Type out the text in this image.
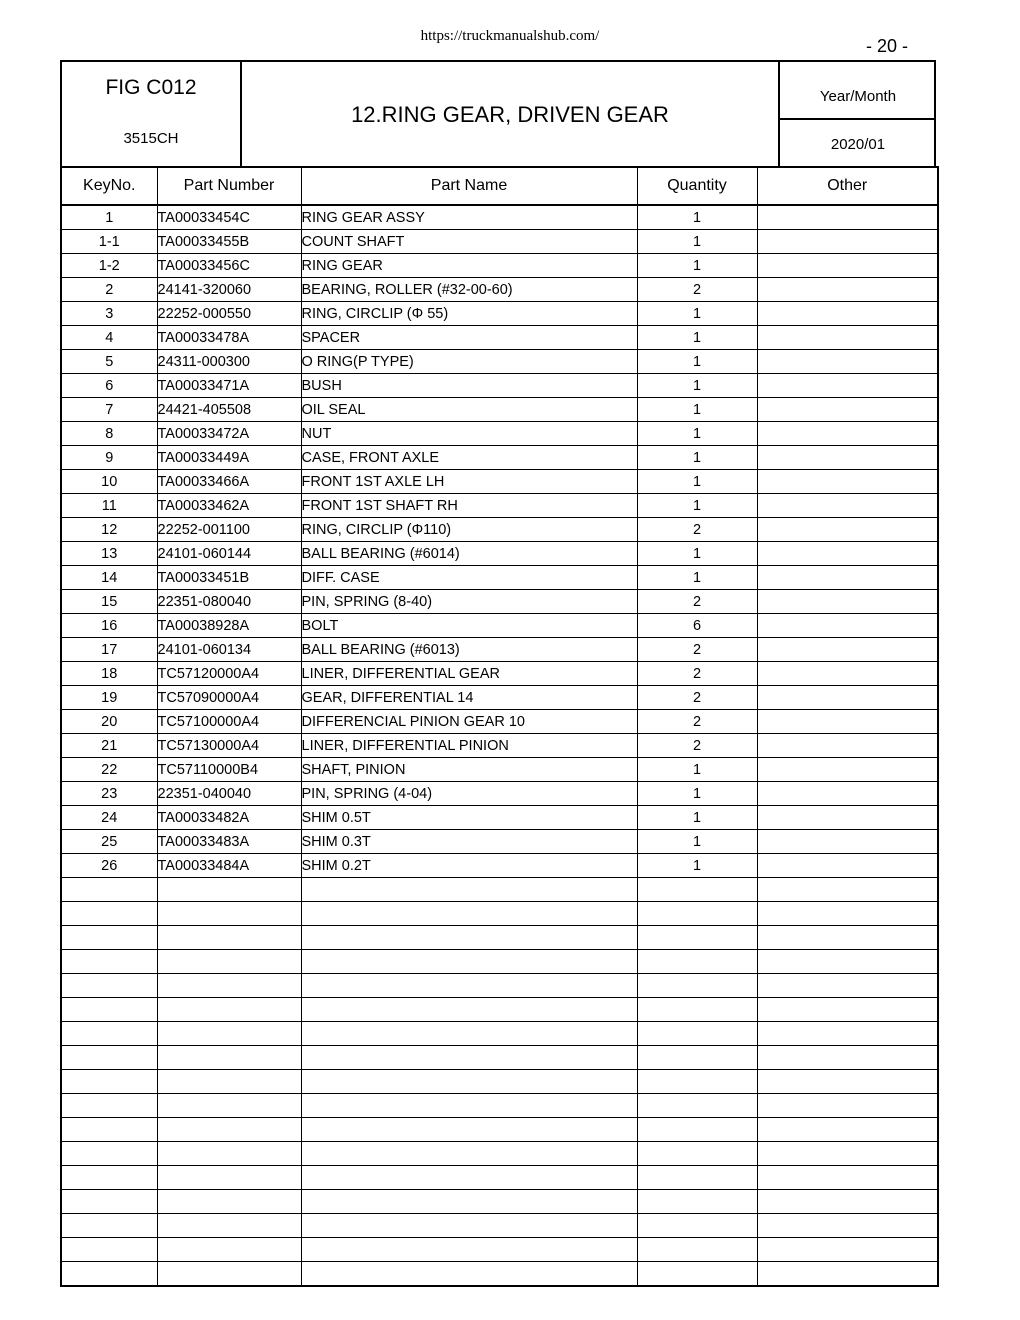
https://truckmanualshub.com/	- 20 -
FIG C012
3515CH
12.RING GEAR, DRIVEN GEAR
Year/Month
2020/01
KeyNo.	Part Number	Part Name	Quantity	Other
1	TA00033454C	RING GEAR ASSY	1	
1-1	TA00033455B	COUNT SHAFT	1	
1-2	TA00033456C	RING GEAR	1	
2	24141-320060	BEARING, ROLLER (#32-00-60)	2	
3	22252-000550	RING, CIRCLIP (Φ 55)	1	
4	TA00033478A	SPACER	1	
5	24311-000300	O RING(P TYPE)	1	
6	TA00033471A	BUSH	1	
7	24421-405508	OIL SEAL	1	
8	TA00033472A	NUT	1	
9	TA00033449A	CASE, FRONT AXLE	1	
10	TA00033466A	FRONT 1ST AXLE LH	1	
11	TA00033462A	FRONT 1ST SHAFT RH	1	
12	22252-001100	RING, CIRCLIP (Φ110)	2	
13	24101-060144	BALL BEARING (#6014)	1	
14	TA00033451B	DIFF. CASE	1	
15	22351-080040	PIN, SPRING (8-40)	2	
16	TA00038928A	BOLT	6	
17	24101-060134	BALL BEARING (#6013)	2	
18	TC57120000A4	LINER, DIFFERENTIAL GEAR	2	
19	TC57090000A4	GEAR, DIFFERENTIAL 14	2	
20	TC57100000A4	DIFFERENCIAL PINION GEAR 10	2	
21	TC57130000A4	LINER, DIFFERENTIAL PINION	2	
22	TC57110000B4	SHAFT, PINION	1	
23	22351-040040	PIN, SPRING (4-04)	1	
24	TA00033482A	SHIM 0.5T	1	
25	TA00033483A	SHIM 0.3T	1	
26	TA00033484A	SHIM 0.2T	1	
